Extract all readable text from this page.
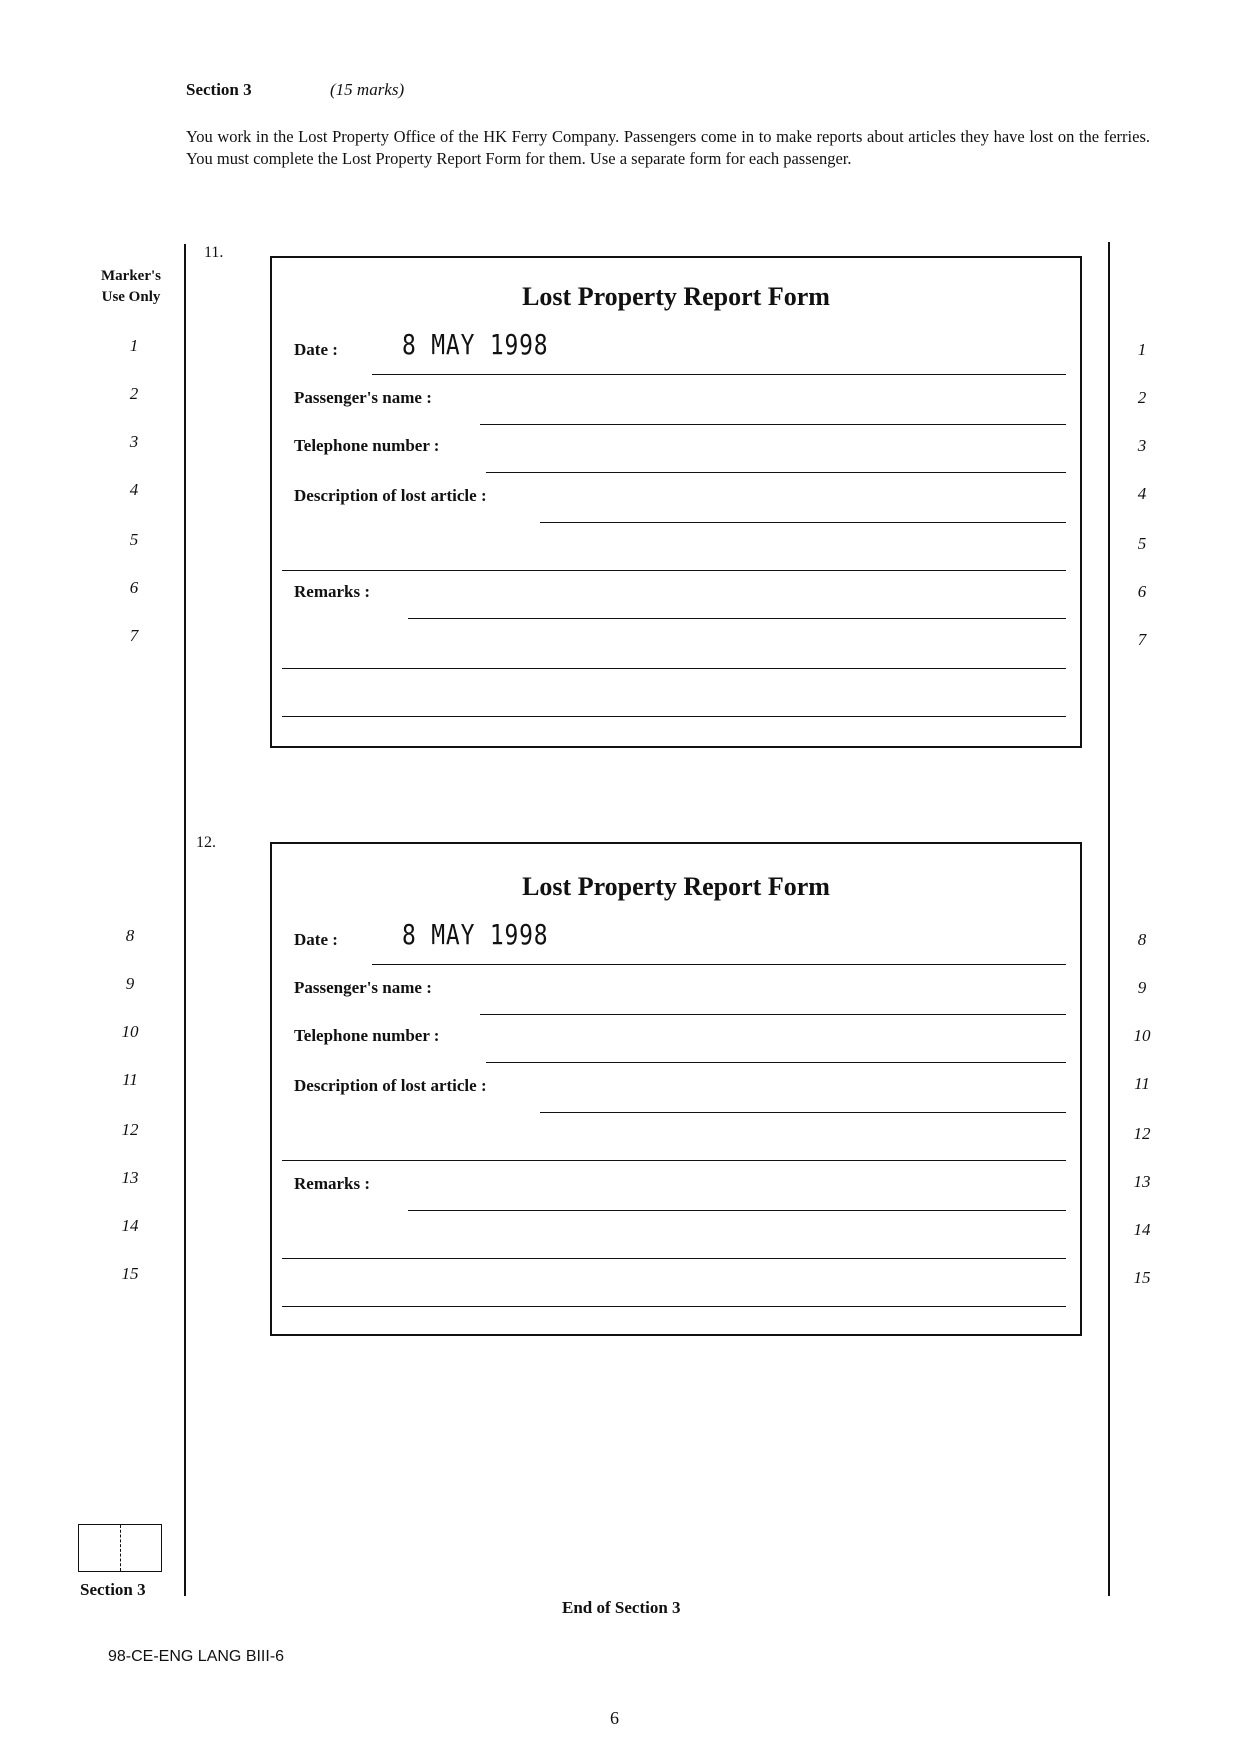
Section 3	(15 marks)
You work in the Lost Property Office of the HK Ferry Company. Passengers come in to make reports about articles they have lost on the ferries. You must complete the Lost Property Report Form for them. Use a separate form for each passenger.
Marker's
Use Only
11.
Lost Property Report Form
Date : 8 MAY 1998
Passenger's name :
Telephone number :
Description of lost article :
Remarks :
1
2
3
4
5
6
7
1
2
3
4
5
6
7
12.
Lost Property Report Form
Date : 8 MAY 1998
Passenger's name :
Telephone number :
Description of lost article :
Remarks :
8
9
10
11
12
13
14
15
8
9
10
11
12
13
14
15
Section 3
End of Section 3
98-CE-ENG LANG BIII-6
6
